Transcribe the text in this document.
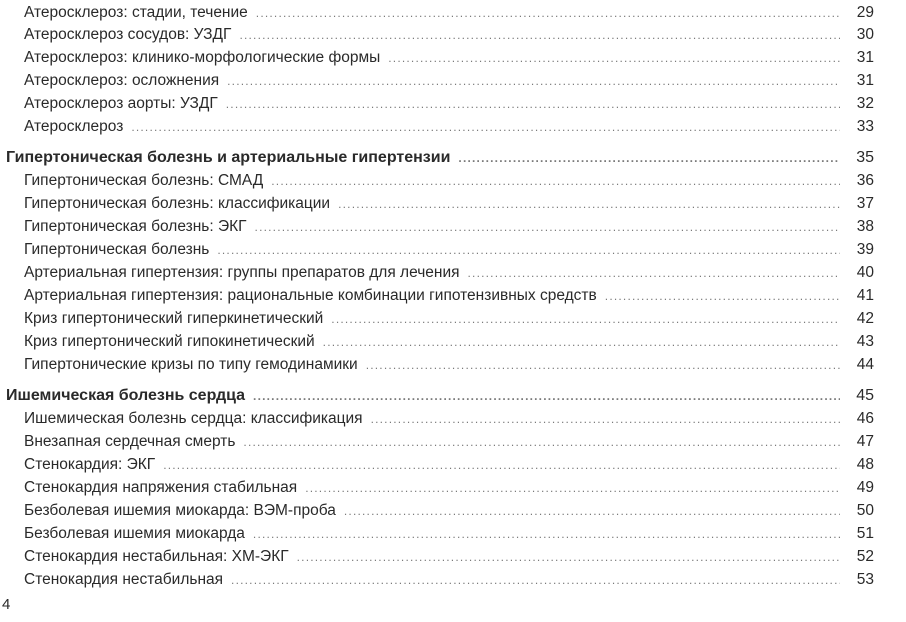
Атеросклероз: стадии, течение .....	29
Атеросклероз сосудов: УЗДГ .....	30
Атеросклероз: клинико-морфологические формы .....	31
Атеросклероз: осложнения .....	31
Атеросклероз аорты: УЗДГ .....	32
Атеросклероз .....	33
Гипертоническая болезнь и артериальные гипертензии .....	35
Гипертоническая болезнь: СМАД .....	36
Гипертоническая болезнь: классификации .....	37
Гипертоническая болезнь: ЭКГ .....	38
Гипертоническая болезнь .....	39
Артериальная гипертензия: группы препаратов для лечения .....	40
Артериальная гипертензия: рациональные комбинации гипотензивных средств .....	41
Криз гипертонический гиперкинетический .....	42
Криз гипертонический гипокинетический .....	43
Гипертонические кризы по типу гемодинамики .....	44
Ишемическая болезнь сердца .....	45
Ишемическая болезнь сердца: классификация .....	46
Внезапная сердечная смерть .....	47
Стенокардия: ЭКГ .....	48
Стенокардия напряжения стабильная .....	49
Безболевая ишемия миокарда: ВЭМ-проба .....	50
Безболевая ишемия миокарда .....	51
Стенокардия нестабильная: ХМ-ЭКГ .....	52
Стенокардия нестабильная .....	53
4
